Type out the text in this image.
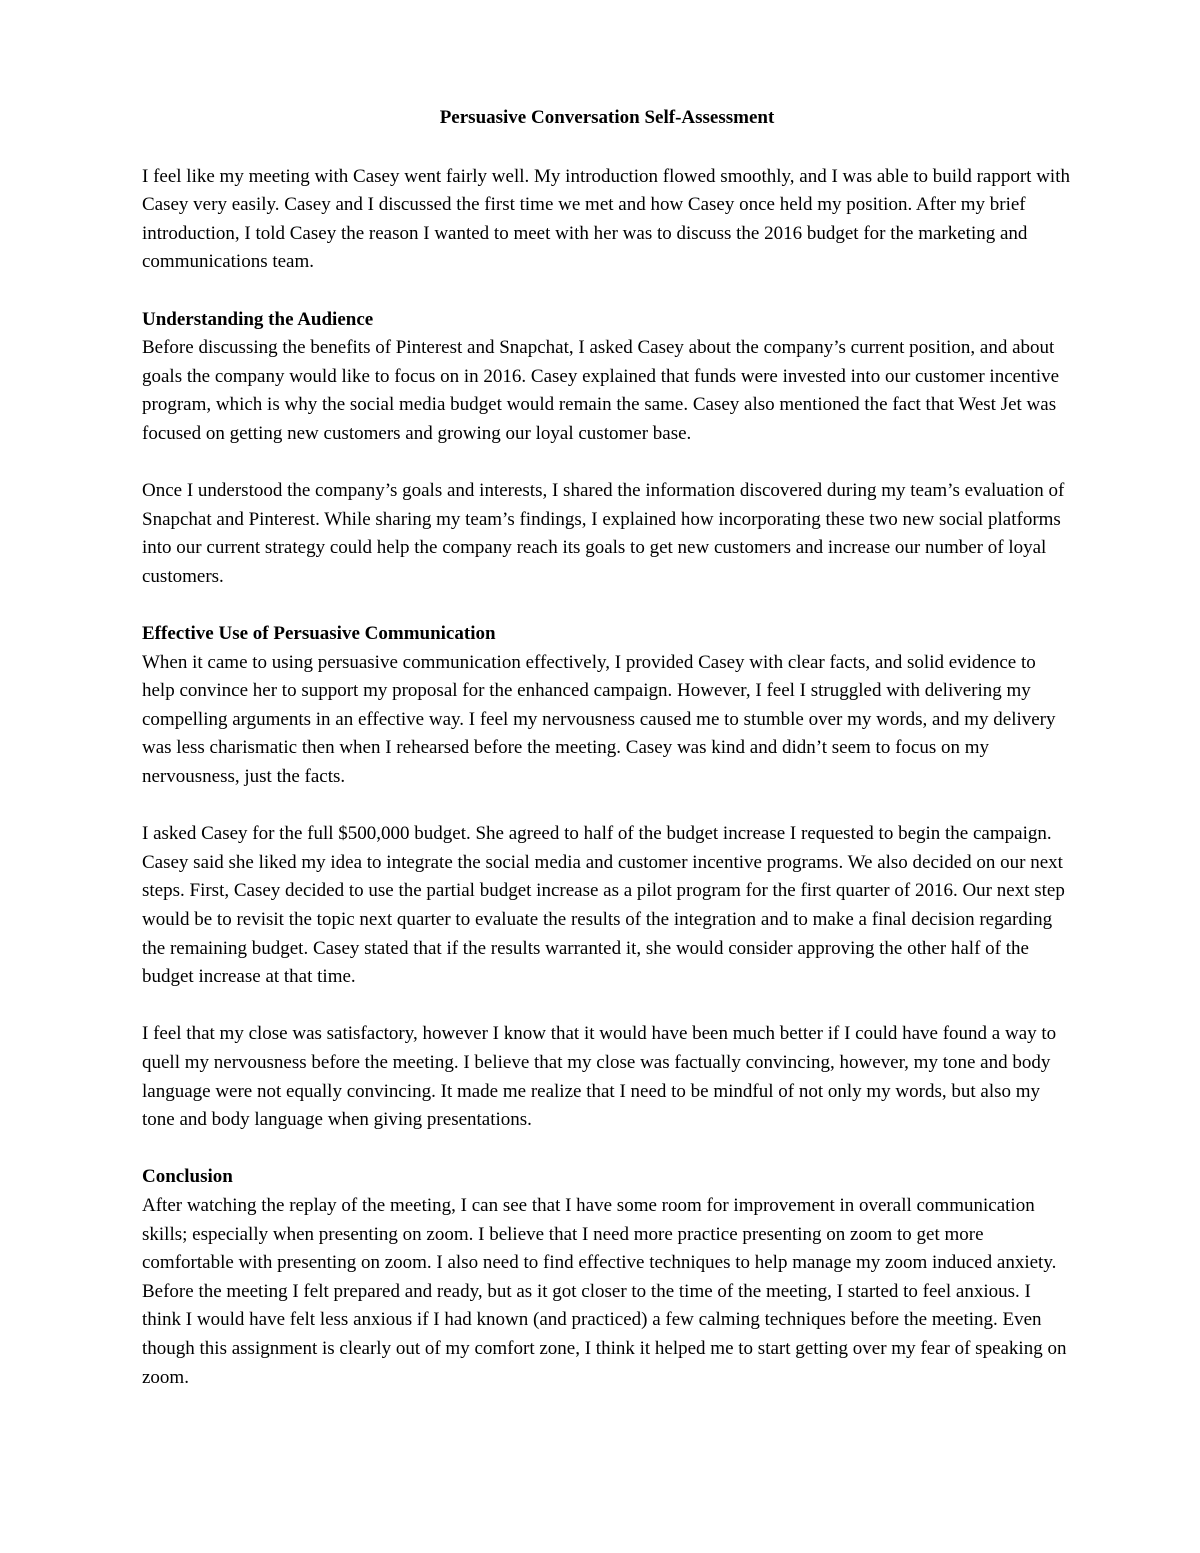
Persuasive Conversation Self-Assessment

I feel like my meeting with Casey went fairly well. My introduction flowed smoothly, and I was able to build rapport with Casey very easily. Casey and I discussed the first time we met and how Casey once held my position. After my brief introduction, I told Casey the reason I wanted to meet with her was to discuss the 2016 budget for the marketing and communications team.

Understanding the Audience
Before discussing the benefits of Pinterest and Snapchat, I asked Casey about the company’s current position, and about goals the company would like to focus on in 2016. Casey explained that funds were invested into our customer incentive program, which is why the social media budget would remain the same. Casey also mentioned the fact that West Jet was focused on getting new customers and growing our loyal customer base.

Once I understood the company’s goals and interests, I shared the information discovered during my team’s evaluation of Snapchat and Pinterest. While sharing my team’s findings, I explained how incorporating these two new social platforms into our current strategy could help the company reach its goals to get new customers and increase our number of loyal customers.

Effective Use of Persuasive Communication
When it came to using persuasive communication effectively, I provided Casey with clear facts, and solid evidence to help convince her to support my proposal for the enhanced campaign. However, I feel I struggled with delivering my compelling arguments in an effective way. I feel my nervousness caused me to stumble over my words, and my delivery was less charismatic then when I rehearsed before the meeting. Casey was kind and didn’t seem to focus on my nervousness, just the facts.

I asked Casey for the full $500,000 budget. She agreed to half of the budget increase I requested to begin the campaign. Casey said she liked my idea to integrate the social media and customer incentive programs. We also decided on our next steps. First, Casey decided to use the partial budget increase as a pilot program for the first quarter of 2016. Our next step would be to revisit the topic next quarter to evaluate the results of the integration and to make a final decision regarding the remaining budget. Casey stated that if the results warranted it, she would consider approving the other half of the budget increase at that time.

I feel that my close was satisfactory, however I know that it would have been much better if I could have found a way to quell my nervousness before the meeting. I believe that my close was factually convincing, however, my tone and body language were not equally convincing. It made me realize that I need to be mindful of not only my words, but also my tone and body language when giving presentations.

Conclusion
After watching the replay of the meeting, I can see that I have some room for improvement in overall communication skills; especially when presenting on zoom. I believe that I need more practice presenting on zoom to get more comfortable with presenting on zoom. I also need to find effective techniques to help manage my zoom induced anxiety. Before the meeting I felt prepared and ready, but as it got closer to the time of the meeting, I started to feel anxious. I think I would have felt less anxious if I had known (and practiced) a few calming techniques before the meeting. Even though this assignment is clearly out of my comfort zone, I think it helped me to start getting over my fear of speaking on zoom.
